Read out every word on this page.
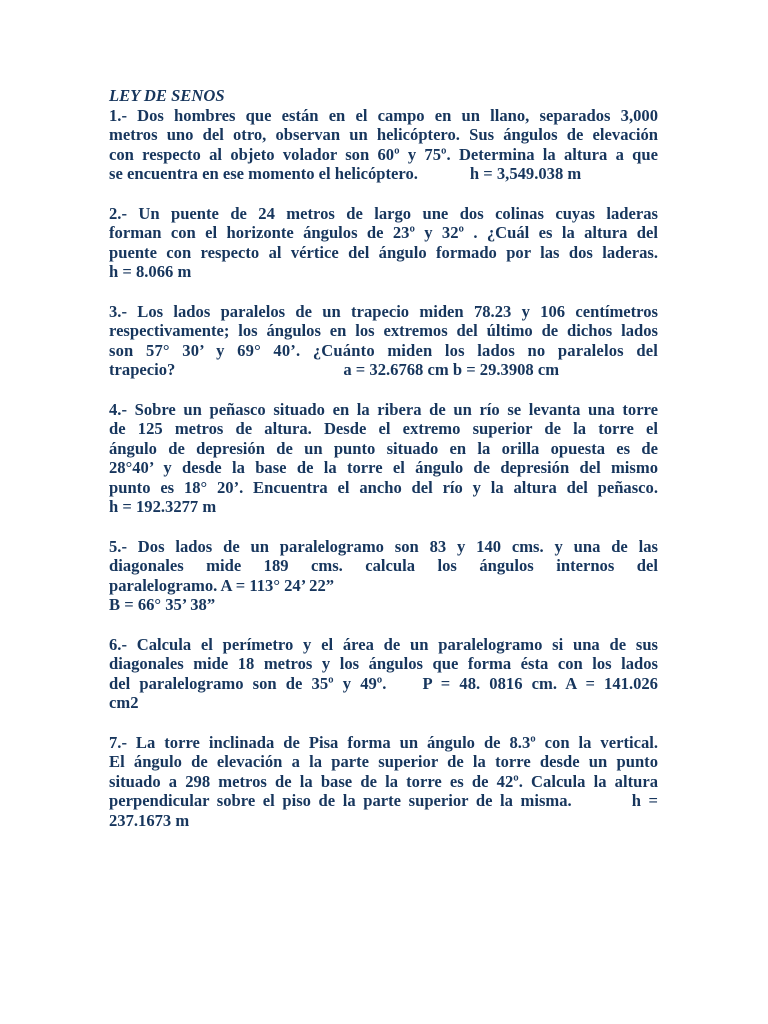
LEY DE SENOS
1.- Dos hombres que están en el campo en un llano, separados 3,000
metros uno del otro, observan un helicóptero. Sus ángulos de elevación
con respecto al objeto volador son 60º y 75º. Determina la altura a que
se encuentra en ese momento el helicóptero.	h = 3,549.038 m
2.- Un puente de 24 metros de largo une dos colinas cuyas laderas
forman con el horizonte ángulos de 23º y 32º . ¿Cuál es la altura del
puente con respecto al vértice del ángulo formado por las dos laderas.
h = 8.066 m
3.- Los lados paralelos de un trapecio miden 78.23 y 106 centímetros
respectivamente; los ángulos en los extremos del último de dichos lados
son 57° 30’ y 69° 40’. ¿Cuánto miden los lados no paralelos del
trapecio?	a = 32.6768 cm b = 29.3908 cm
4.- Sobre un peñasco situado en la ribera de un río se levanta una torre
de 125 metros de altura. Desde el extremo superior de la torre el
ángulo de depresión de un punto situado en la orilla opuesta es de
28°40’ y desde la base de la torre el ángulo de depresión del mismo
punto es 18° 20’. Encuentra el ancho del río y la altura del peñasco.
h = 192.3277 m
5.- Dos lados de un paralelogramo son 83 y 140 cms. y una de las
diagonales mide 189 cms. calcula los ángulos internos del
paralelogramo. A = 113° 24’ 22”
B = 66° 35’ 38”
6.- Calcula el perímetro y el área de un paralelogramo si una de sus
diagonales mide 18 metros y los ángulos que forma ésta con los lados
del paralelogramo son de 35º y 49º. P = 48. 0816 cm. A = 141.026
cm2
7.- La torre inclinada de Pisa forma un ángulo de 8.3º con la vertical.
El ángulo de elevación a la parte superior de la torre desde un punto
situado a 298 metros de la base de la torre es de 42º. Calcula la altura
perpendicular sobre el piso de la parte superior de la misma.	h =
237.1673 m
